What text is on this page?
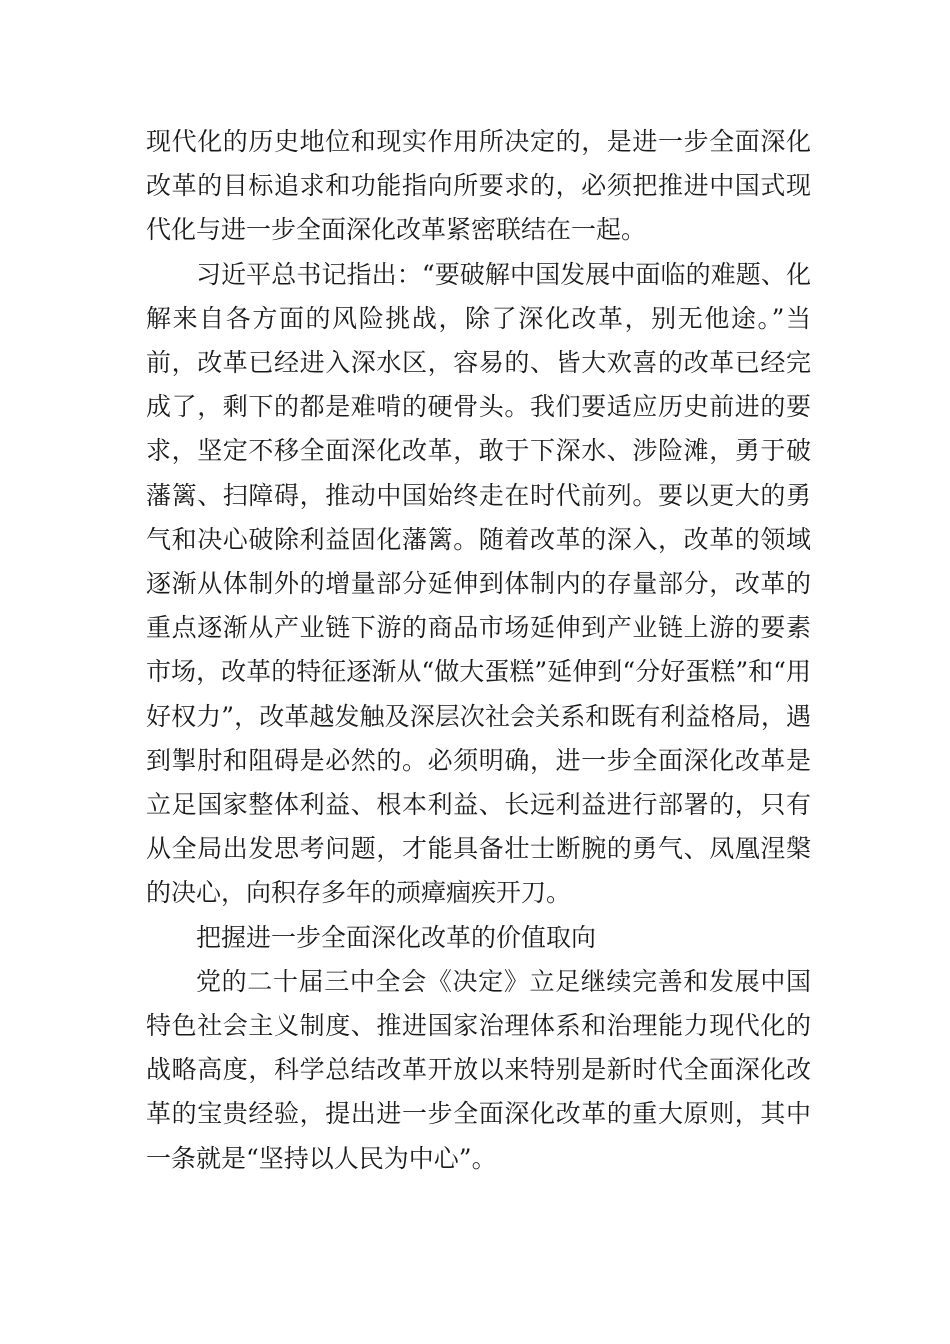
现代化的历史地位和现实作用所决定的，是进一步全面深化改革的目标追求和功能指向所要求的，必须把推进中国式现代化与进一步全面深化改革紧密联结在一起。

习近平总书记指出：“要破解中国发展中面临的难题、化解来自各方面的风险挑战，除了深化改革，别无他途。”当前，改革已经进入深水区，容易的、皆大欢喜的改革已经完成了，剩下的都是难啃的硬骨头。我们要适应历史前进的要求，坚定不移全面深化改革，敢于下深水、涉险滩，勇于破藩篱、扫障碍，推动中国始终走在时代前列。要以更大的勇气和决心破除利益固化藩篱。随着改革的深入，改革的领域逐渐从体制外的增量部分延伸到体制内的存量部分，改革的重点逐渐从产业链下游的商品市场延伸到产业链上游的要素市场，改革的特征逐渐从“做大蛋糕”延伸到“分好蛋糕”和“用好权力”，改革越发触及深层次社会关系和既有利益格局，遇到掣肘和阻碍是必然的。必须明确，进一步全面深化改革是立足国家整体利益、根本利益、长远利益进行部署的，只有从全局出发思考问题，才能具备壮士断腕的勇气、凤凰涅槃的决心，向积存多年的顽瘴痼疾开刀。

把握进一步全面深化改革的价值取向

党的二十届三中全会《决定》立足继续完善和发展中国特色社会主义制度、推进国家治理体系和治理能力现代化的战略高度，科学总结改革开放以来特别是新时代全面深化改革的宝贵经验，提出进一步全面深化改革的重大原则，其中一条就是“坚持以人民为中心”。
